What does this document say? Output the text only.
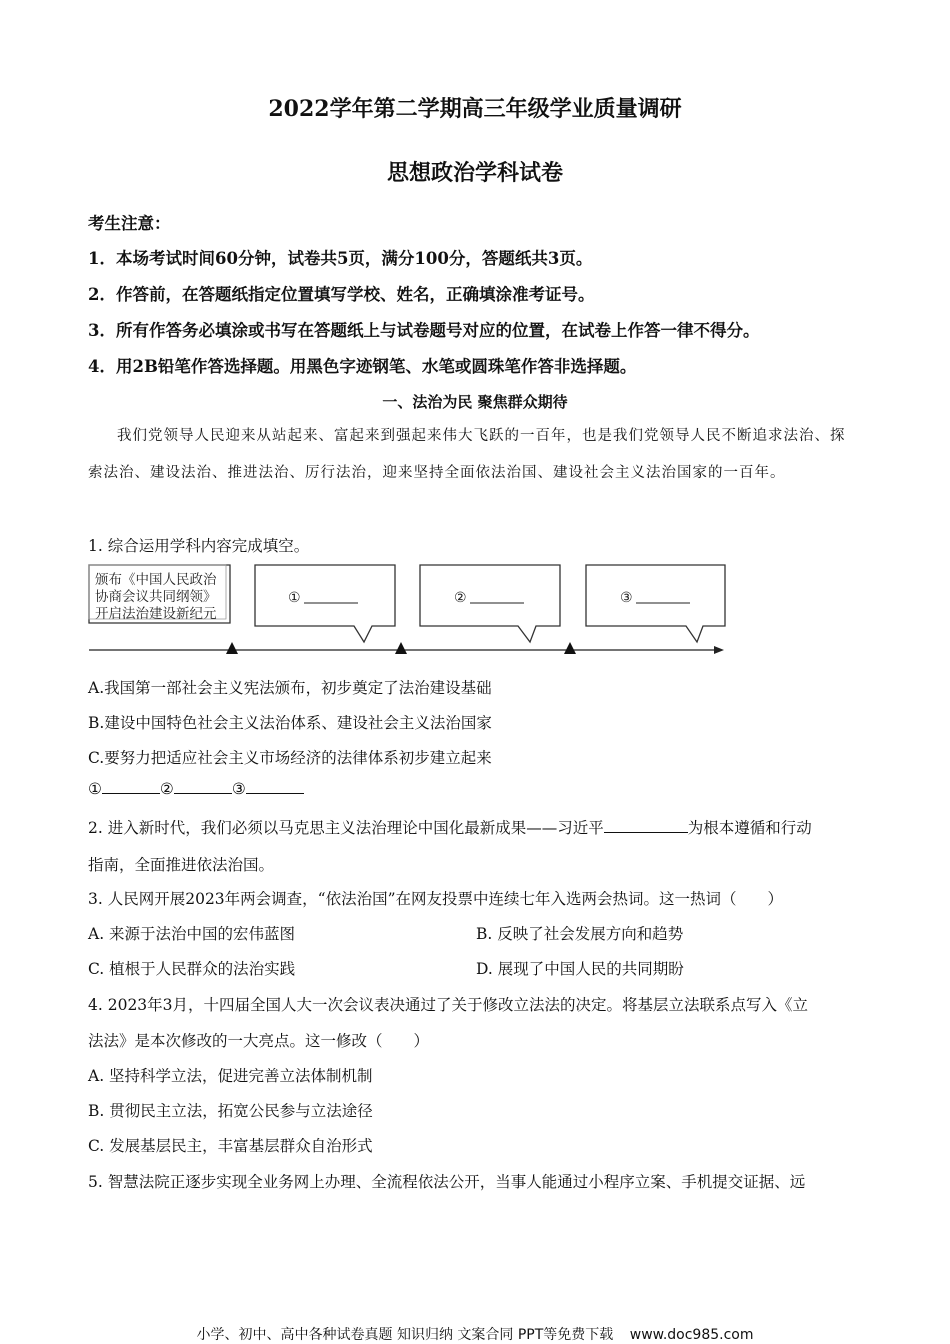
2022学年第二学期高三年级学业质量调研
思想政治学科试卷
考生注意：
1．本场考试时间60分钟，试卷共5页，满分100分，答题纸共3页。
2．作答前，在答题纸指定位置填写学校、姓名，正确填涂准考证号。
3．所有作答务必填涂或书写在答题纸上与试卷题号对应的位置，在试卷上作答一律不得分。
4．用2B铅笔作答选择题。用黑色字迹钢笔、水笔或圆珠笔作答非选择题。
一、法治为民 聚焦群众期待
我们党领导人民迎来从站起来、富起来到强起来伟大飞跃的一百年，也是我们党领导人民不断追求法治、探索法治、建设法治、推进法治、厉行法治，迎来坚持全面依法治国、建设社会主义法治国家的一百年。
1. 综合运用学科内容完成填空。
颁布《中国人民政治
协商会议共同纲领》
开启法治建设新纪元
①	②	③
A.我国第一部社会主义宪法颁布，初步奠定了法治建设基础
B.建设中国特色社会主义法治体系、建设社会主义法治国家
C.要努力把适应社会主义市场经济的法律体系初步建立起来
①	②	③
2. 进入新时代，我们必须以马克思主义法治理论中国化最新成果——习近平	为根本遵循和行动
指南，全面推进依法治国。
3. 人民网开展2023年两会调查，“依法治国”在网友投票中连续七年入选两会热词。这一热词（　　）
A. 来源于法治中国的宏伟蓝图	B. 反映了社会发展方向和趋势
C. 植根于人民群众的法治实践	D. 展现了中国人民的共同期盼
4. 2023年3月，十四届全国人大一次会议表决通过了关于修改立法法的决定。将基层立法联系点写入《立
法法》是本次修改的一大亮点。这一修改（　　）
A. 坚持科学立法，促进完善立法体制机制
B. 贯彻民主立法，拓宽公民参与立法途径
C. 发展基层民主，丰富基层群众自治形式
5. 智慧法院正逐步实现全业务网上办理、全流程依法公开，当事人能通过小程序立案、手机提交证据、远
小学、初中、高中各种试卷真题 知识归纳 文案合同 PPT等免费下载 www.doc985.com
